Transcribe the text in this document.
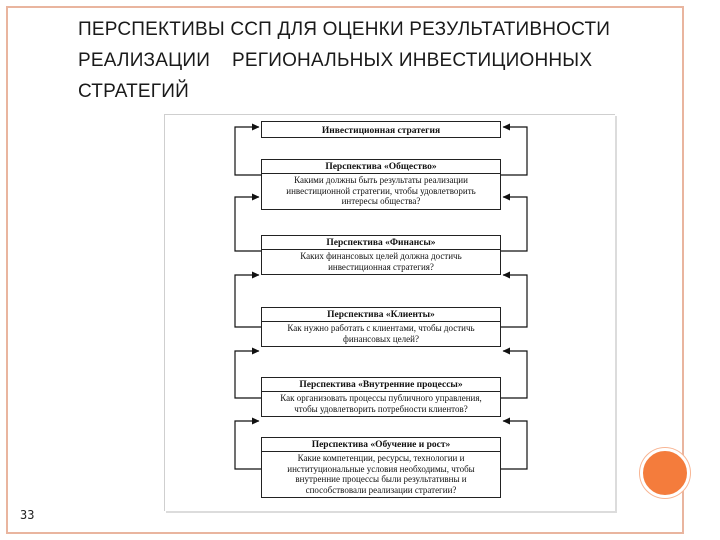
ПЕРСПЕКТИВЫ ССП ДЛЯ ОЦЕНКИ РЕЗУЛЬТАТИВНОСТИ
РЕАЛИЗАЦИИ    РЕГИОНАЛЬНЫХ ИНВЕСТИЦИОННЫХ
СТРАТЕГИЙ
Инвестиционная стратегия
Перспектива «Общество»
Какими должны быть результаты реализации
инвестиционной стратегии, чтобы удовлетворить
интересы общества?
Перспектива «Финансы»
Каких финансовых целей должна достичь
инвестиционная стратегия?
Перспектива «Клиенты»
Как нужно работать с клиентами, чтобы достичь
финансовых целей?
Перспектива «Внутренние процессы»
Как организовать процессы публичного управления,
чтобы удовлетворить потребности клиентов?
Перспектива «Обучение и рост»
Какие компетенции, ресурсы, технологии и
институциональные условия необходимы, чтобы
внутренние процессы были результативны и
способствовали реализации стратегии?
33
